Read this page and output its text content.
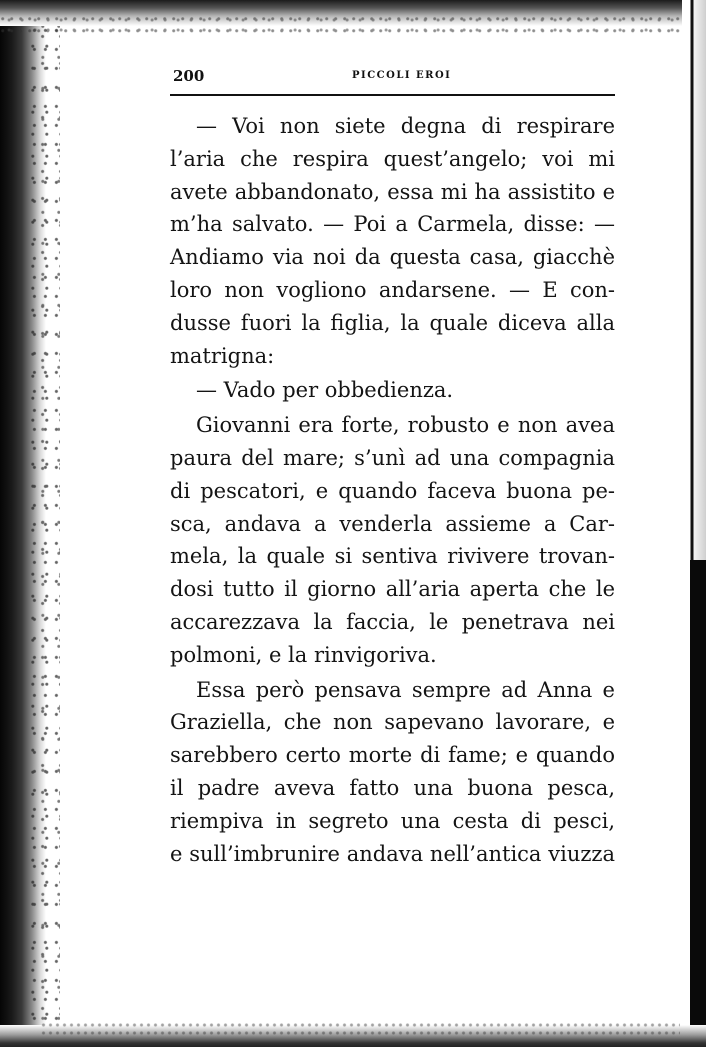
200	PICCOLI EROI
— Voi non siete degna di respirare
l’aria che respira quest’angelo; voi mi
avete abbandonato, essa mi ha assistito e
m’ha salvato. — Poi a Carmela, disse: —
Andiamo via noi da questa casa, giacchè
loro non vogliono andarsene. — E con-
dusse fuori la figlia, la quale diceva alla
matrigna:
— Vado per obbedienza.
Giovanni era forte, robusto e non avea
paura del mare; s’unì ad una compagnia
di pescatori, e quando faceva buona pe-
sca, andava a venderla assieme a Car-
mela, la quale si sentiva rivivere trovan-
dosi tutto il giorno all’aria aperta che le
accarezzava la faccia, le penetrava nei
polmoni, e la rinvigoriva.
Essa però pensava sempre ad Anna e
Graziella, che non sapevano lavorare, e
sarebbero certo morte di fame; e quando
il padre aveva fatto una buona pesca,
riempiva in segreto una cesta di pesci,
e sull’imbrunire andava nell’antica viuzza
